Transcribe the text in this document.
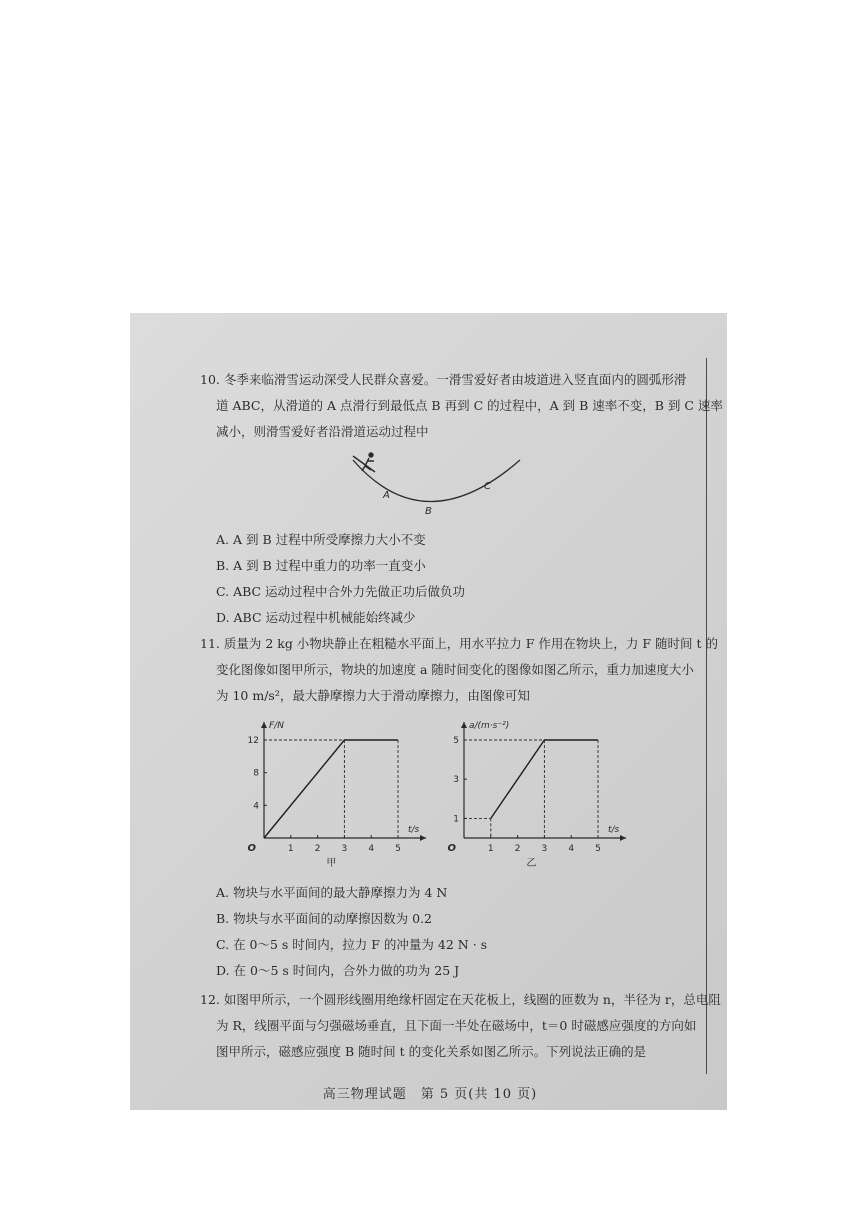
10. 冬季来临滑雪运动深受人民群众喜爱。一滑雪爱好者由坡道进入竖直面内的圆弧形滑
道 ABC，从滑道的 A 点滑行到最低点 B 再到 C 的过程中，A 到 B 速率不变，B 到 C 速率
减小，则滑雪爱好者沿滑道运动过程中
A
B
C
A. A 到 B 过程中所受摩擦力大小不变
B. A 到 B 过程中重力的功率一直变小
C. ABC 运动过程中合外力先做正功后做负功
D. ABC 运动过程中机械能始终减少
11. 质量为 2 kg 小物块静止在粗糙水平面上，用水平拉力 F 作用在物块上，力 F 随时间 t 的
变化图像如图甲所示，物块的加速度 a 随时间变化的图像如图乙所示，重力加速度大小
为 10 m/s²，最大静摩擦力大于滑动摩擦力，由图像可知
1 2 3 4 5
4
8
12
O
t/s
F/N
甲
1 2 3 4 5
1
3
5
O
t/s
a/(m·s⁻²)
乙
A. 物块与水平面间的最大静摩擦力为 4 N
B. 物块与水平面间的动摩擦因数为 0.2
C. 在 0～5 s 时间内，拉力 F 的冲量为 42 N · s
D. 在 0～5 s 时间内，合外力做的功为 25 J
12. 如图甲所示，一个圆形线圈用绝缘杆固定在天花板上，线圈的匝数为 n，半径为 r，总电阻
为 R，线圈平面与匀强磁场垂直，且下面一半处在磁场中，t＝0 时磁感应强度的方向如
图甲所示，磁感应强度 B 随时间 t 的变化关系如图乙所示。下列说法正确的是
高三物理试题　第 5 页(共 10 页)
